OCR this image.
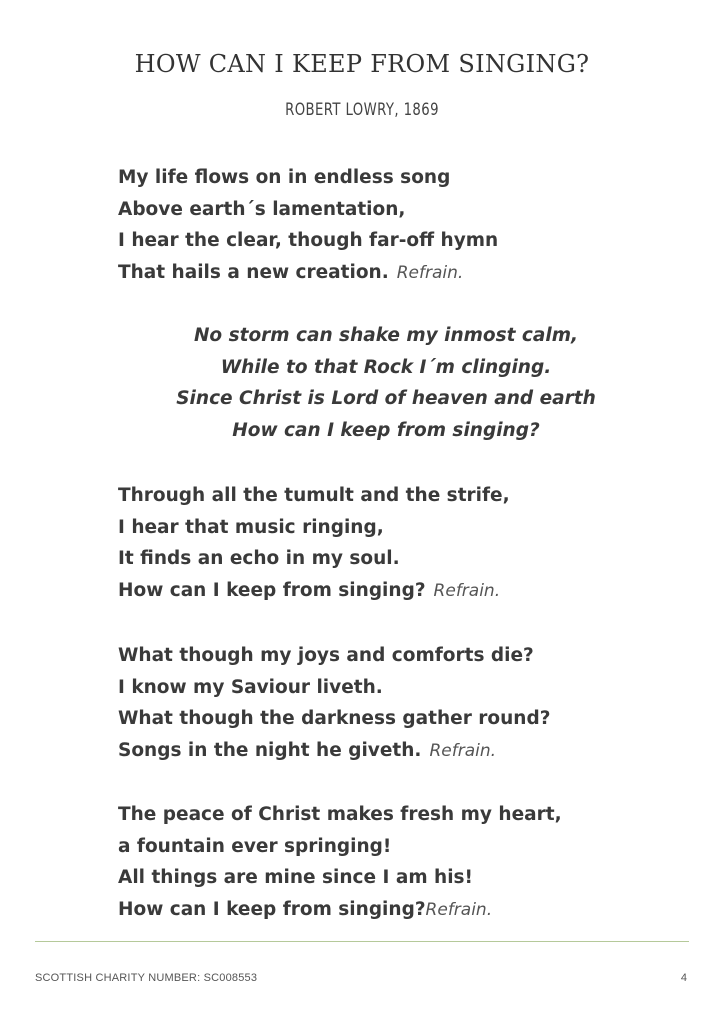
HOW CAN I KEEP FROM SINGING?
ROBERT LOWRY, 1869
My life flows on in endless song
Above earth´s lamentation,
I hear the clear, though far-off hymn
That hails a new creation. Refrain.
No storm can shake my inmost calm,
While to that Rock I´m clinging.
Since Christ is Lord of heaven and earth
How can I keep from singing?
Through all the tumult and the strife,
I hear that music ringing,
It finds an echo in my soul.
How can I keep from singing? Refrain.
What though my joys and comforts die?
I know my Saviour liveth.
What though the darkness gather round?
Songs in the night he giveth. Refrain.
The peace of Christ makes fresh my heart,
a fountain ever springing!
All things are mine since I am his!
How can I keep from singing?Refrain.
SCOTTISH CHARITY NUMBER: SC008553	4
